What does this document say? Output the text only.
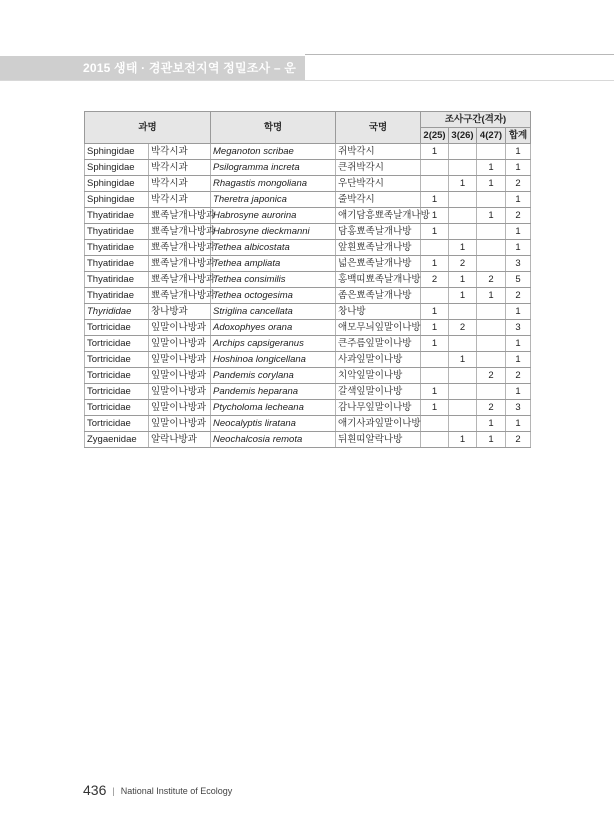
2015 생태 · 경관보전지역 정밀조사 – 운문산
과명		학명	국명	조사구간(격자)			
				2(25)	3(26)	4(27)	합계
Sphingidae	박각시과	Meganoton scribae	쥐박각시	1			1
Sphingidae	박각시과	Psilogramma increta	큰쥐박각시			1	1
Sphingidae	박각시과	Rhagastis mongoliana	우단박각시		1	1	2
Sphingidae	박각시과	Theretra japonica	줄박각시	1			1
Thyatiridae	뾰족날개나방과	Habrosyne aurorina	애기담흥뾰족날개나방	1		1	2
Thyatiridae	뾰족날개나방과	Habrosyne dieckmanni	담홍뾰족날개나방	1			1
Thyatiridae	뾰족날개나방과	Tethea albicostata	앞흰뾰족날개나방		1		1
Thyatiridae	뾰족날개나방과	Tethea ampliata	넓은뾰족날개나방	1	2		3
Thyatiridae	뾰족날개나방과	Tethea consimilis	홍백띠뾰족날개나방	2	1	2	5
Thyatiridae	뾰족날개나방과	Tethea octogesima	좀은뾰족날개나방		1	1	2
Thyrididae	창나방과	Striglina cancellata	창나방	1			1
Tortricidae	잎말이나방과	Adoxophyes orana	애모무늬잎말이나방	1	2		3
Tortricidae	잎말이나방과	Archips capsigeranus	큰주름잎말이나방	1			1
Tortricidae	잎말이나방과	Hoshinoa longicellana	사과잎말이나방		1		1
Tortricidae	잎말이나방과	Pandemis corylana	치악잎말이나방			2	2
Tortricidae	잎말이나방과	Pandemis heparana	갈색잎말이나방	1			1
Tortricidae	잎말이나방과	Ptycholoma lecheana	감나무잎말이나방	1		2	3
Tortricidae	잎말이나방과	Neocalyptis liratana	애기사과잎말이나방			1	1
Zygaenidae	알락나방과	Neochalcosia remota	뒤흰띠알락나방		1	1	2
436 | National Institute of Ecology
